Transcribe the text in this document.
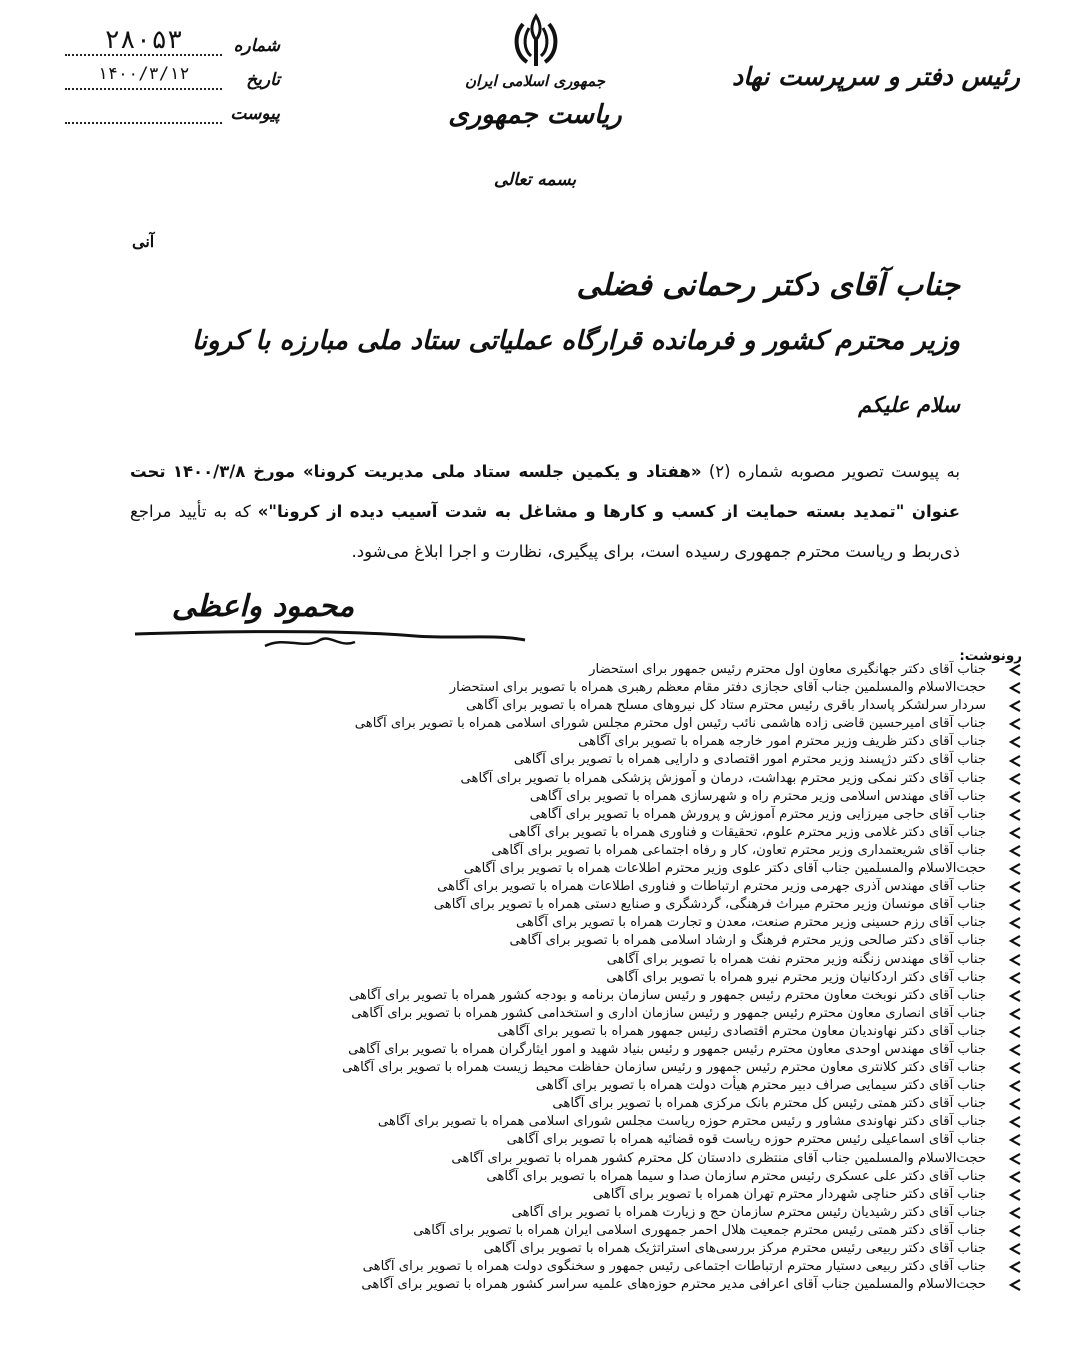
شماره
۲۸۰۵۳
تاریخ
۱۴۰۰/۳/۱۲
پیوست
جمهوری اسلامی ایران
ریاست جمهوری
بسمه تعالی
رئیس دفتر و سرپرست نهاد
آنی
جناب آقای دکتر رحمانی فضلی
وزیر محترم کشور و فرمانده قرارگاه عملیاتی ستاد ملی مبارزه با کرونا
سلام علیکم
به پیوست تصویر مصوبه شماره (۲) «هفتاد و یکمین جلسه ستاد ملی مدیریت کرونا» مورخ ۱۴۰۰/۳/۸ تحت عنوان "تمدید بسته حمایت از کسب و کارها و مشاغل به شدت آسیب دیده از کرونا"» که به تأیید مراجع ذی‌ربط و ریاست محترم جمهوری رسیده است، برای پیگیری، نظارت و اجرا ابلاغ می‌شود.
محمود واعظی
رونوشت:
جناب آقای دکتر جهانگیری معاون اول محترم رئیس جمهور برای استحضار
حجت‌الاسلام والمسلمین جناب آقای حجازی دفتر مقام معظم رهبری همراه با تصویر برای استحضار
سردار سرلشکر پاسدار باقری رئیس محترم ستاد کل نیروهای مسلح همراه با تصویر برای آگاهی
جناب آقای امیرحسین قاضی زاده هاشمی نائب رئیس اول محترم مجلس شورای اسلامی همراه با تصویر برای آگاهی
جناب آقای دکتر ظریف وزیر محترم امور خارجه همراه با تصویر برای آگاهی
جناب آقای دکتر دژپسند وزیر محترم امور اقتصادی و دارایی همراه با تصویر برای آگاهی
جناب آقای دکتر نمکی وزیر محترم بهداشت، درمان و آموزش پزشکی همراه با تصویر برای آگاهی
جناب آقای مهندس اسلامی وزیر محترم راه و شهرسازی همراه با تصویر برای آگاهی
جناب آقای حاجی میرزایی وزیر محترم آموزش و پرورش همراه با تصویر برای آگاهی
جناب آقای دکتر غلامی وزیر محترم علوم، تحقیقات و فناوری همراه با تصویر برای آگاهی
جناب آقای شریعتمداری وزیر محترم تعاون، کار و رفاه اجتماعی همراه با تصویر برای آگاهی
حجت‌الاسلام والمسلمین جناب آقای دکتر علوی وزیر محترم اطلاعات همراه با تصویر برای آگاهی
جناب آقای مهندس آذری جهرمی وزیر محترم ارتباطات و فناوری اطلاعات همراه با تصویر برای آگاهی
جناب آقای مونسان وزیر محترم میراث فرهنگی، گردشگری و صنایع دستی همراه با تصویر برای آگاهی
جناب آقای رزم حسینی وزیر محترم صنعت، معدن و تجارت همراه با تصویر برای آگاهی
جناب آقای دکتر صالحی وزیر محترم فرهنگ و ارشاد اسلامی همراه با تصویر برای آگاهی
جناب آقای مهندس زنگنه وزیر محترم نفت همراه با تصویر برای آگاهی
جناب آقای دکتر اردکانیان وزیر محترم نیرو همراه با تصویر برای آگاهی
جناب آقای دکتر نوبخت معاون محترم رئیس جمهور و رئیس سازمان برنامه و بودجه کشور همراه با تصویر برای آگاهی
جناب آقای انصاری معاون محترم رئیس جمهور و رئیس سازمان اداری و استخدامی کشور همراه با تصویر برای آگاهی
جناب آقای دکتر نهاوندیان معاون محترم اقتصادی رئیس جمهور همراه با تصویر برای آگاهی
جناب آقای مهندس اوحدی معاون محترم رئیس جمهور و رئیس بنیاد شهید و امور ایثارگران همراه با تصویر برای آگاهی
جناب آقای دکتر کلانتری معاون محترم رئیس جمهور و رئیس سازمان حفاظت محیط زیست همراه با تصویر برای آگاهی
جناب آقای دکتر سیمایی صراف دبیر محترم هیأت دولت همراه با تصویر برای آگاهی
جناب آقای دکتر همتی رئیس کل محترم بانک مرکزی همراه با تصویر برای آگاهی
جناب آقای دکتر نهاوندی مشاور و رئیس محترم حوزه ریاست مجلس شورای اسلامی همراه با تصویر برای آگاهی
جناب آقای اسماعیلی رئیس محترم حوزه ریاست قوه قضائیه همراه با تصویر برای آگاهی
حجت‌الاسلام والمسلمین جناب آقای منتظری دادستان کل محترم کشور همراه با تصویر برای آگاهی
جناب آقای دکتر علی عسکری رئیس محترم سازمان صدا و سیما همراه با تصویر برای آگاهی
جناب آقای دکتر حناچی شهردار محترم تهران همراه با تصویر برای آگاهی
جناب آقای دکتر رشیدیان رئیس محترم سازمان حج و زیارت همراه با تصویر برای آگاهی
جناب آقای دکتر همتی رئیس محترم جمعیت هلال احمر جمهوری اسلامی ایران همراه با تصویر برای آگاهی
جناب آقای دکتر ربیعی رئیس محترم مرکز بررسی‌های استراتژیک همراه با تصویر برای آگاهی
جناب آقای دکتر ربیعی دستیار محترم ارتباطات اجتماعی رئیس جمهور و سخنگوی دولت همراه با تصویر برای آگاهی
حجت‌الاسلام والمسلمین جناب آقای اعرافی مدیر محترم حوزه‌های علمیه سراسر کشور همراه با تصویر برای آگاهی
